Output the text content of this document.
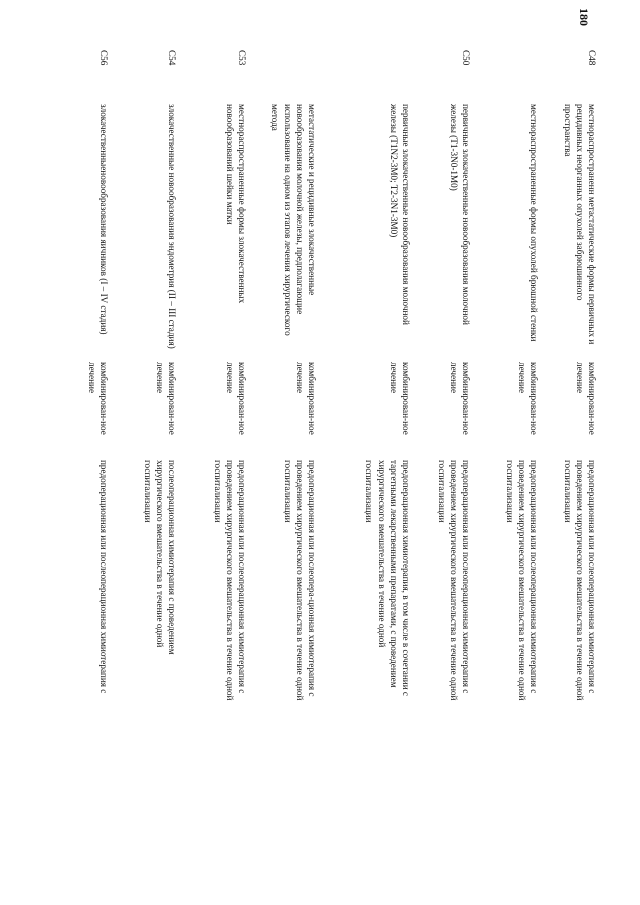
180
C48
местнораспространенн метастатические формы первичных и рецидивных неорганных опухолей забрюшинного пространства
комбинирован-ное лечение
предоперационная или послеоперационная химиотерапия с проведением хирургического вмешательства в течение одной госпитализации
местнораспространенные формы опухолей брюшной стенки
комбинирован-ное лечение
предоперационная или послеоперационная химиотерапия с проведением хирургического вмешательства в течение одной госпитализации
C50
первичные злокачественные новообразования молочной железы (T1-3N0-1M0)
комбинирован-ное лечение
предоперационная или послеоперационная химиотерапия с проведением хирургического вмешательства в течение одной госпитализации
первичные злокачественные новообразования молочной железы (T1N2-3M0; T2-3N1-3M0)
комбинирован-ное лечение
предоперационная химиотерапия, в том числе в сочетании с таргетными лекарственными препаратами, с проведением хирургического вмешательства в течение одной госпитализации
метастатические и рецидивные злокачественные новообразования молочной железы, предполагающие использование на одном из этапов лечения хирургического метода
комбинирован-ное лечение
предоперационная или послеопера-ционная химиотерапия с проведением хирургического вмешательства в течение одной госпитализации
C53
местнораспространенные формы злокачественных новообразований шейки матки
комбинирован-ное лечение
предоперационная или послеоперационная химиотерапия с проведением хирургического вмешательства в течение одной госпитализации
C54
злокачественные новообразования эндометрия (II – III стадия)
комбинирован-ное лечение
послеоперационная химиотерапия с проведением хирургического вмешательства в течение одной госпитализации
C56
злокачественныеновообразования яичников (I – IV стадия)
комбинирован-ное лечение
предоперационная или послеоперационная химиотерапия с
